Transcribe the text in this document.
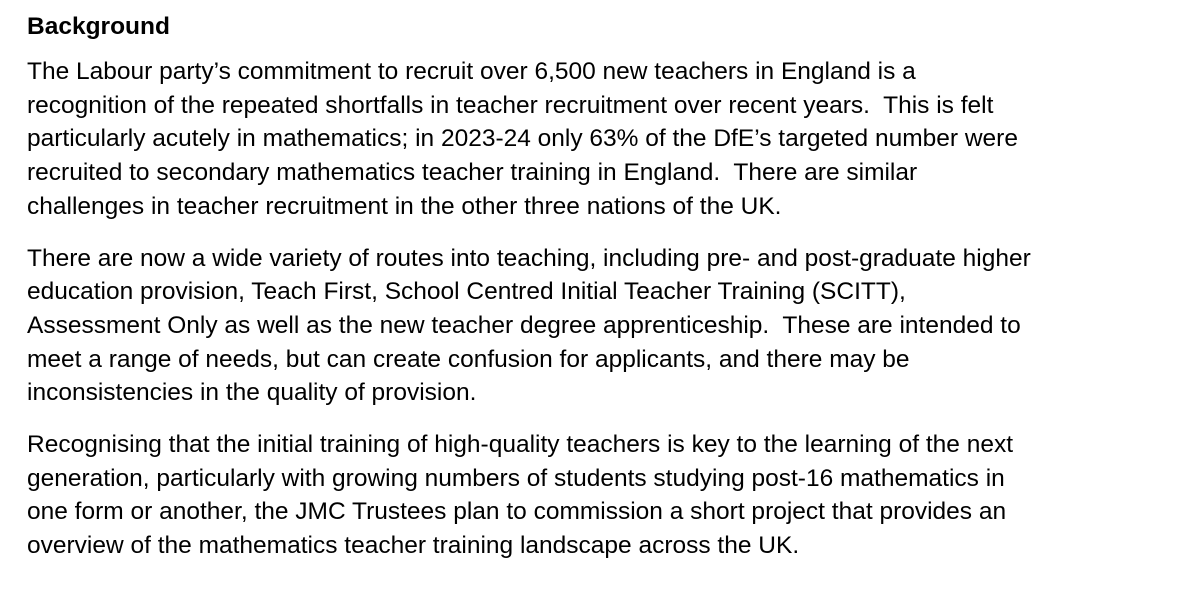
Background
The Labour party’s commitment to recruit over 6,500 new teachers in England is a
recognition of the repeated shortfalls in teacher recruitment over recent years.  This is felt
particularly acutely in mathematics; in 2023-24 only 63% of the DfE’s targeted number were
recruited to secondary mathematics teacher training in England.  There are similar
challenges in teacher recruitment in the other three nations of the UK.
There are now a wide variety of routes into teaching, including pre- and post-graduate higher
education provision, Teach First, School Centred Initial Teacher Training (SCITT),
Assessment Only as well as the new teacher degree apprenticeship.  These are intended to
meet a range of needs, but can create confusion for applicants, and there may be
inconsistencies in the quality of provision.
Recognising that the initial training of high-quality teachers is key to the learning of the next
generation, particularly with growing numbers of students studying post-16 mathematics in
one form or another, the JMC Trustees plan to commission a short project that provides an
overview of the mathematics teacher training landscape across the UK.
